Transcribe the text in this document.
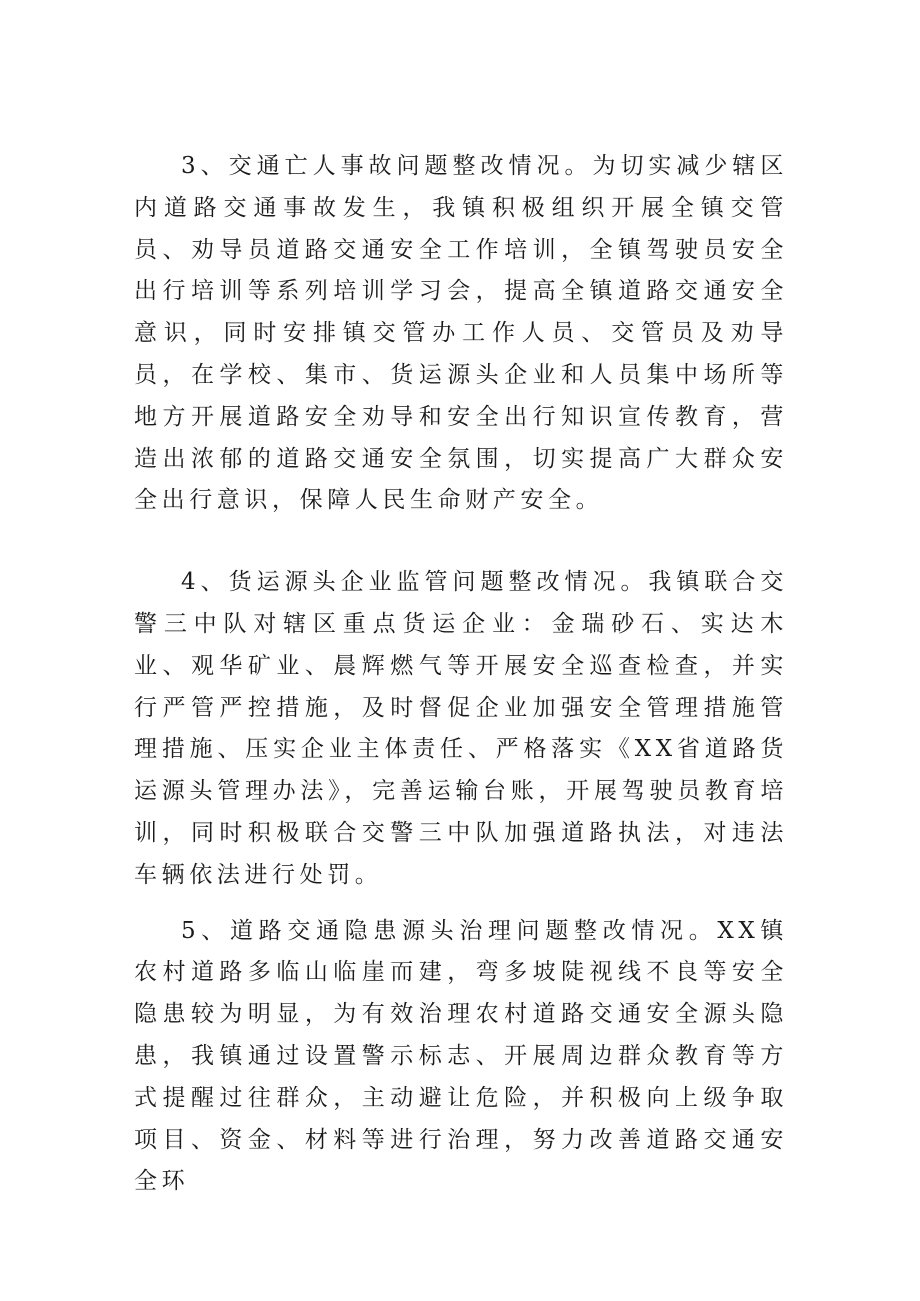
3、交通亡人事故问题整改情况。为切实减少辖区内道路交通事故发生，我镇积极组织开展全镇交管员、劝导员道路交通安全工作培训，全镇驾驶员安全出行培训等系列培训学习会，提高全镇道路交通安全意识，同时安排镇交管办工作人员、交管员及劝导员，在学校、集市、货运源头企业和人员集中场所等地方开展道路安全劝导和安全出行知识宣传教育，营造出浓郁的道路交通安全氛围，切实提高广大群众安全出行意识，保障人民生命财产安全。

4、货运源头企业监管问题整改情况。我镇联合交警三中队对辖区重点货运企业：金瑞砂石、实达木业、观华矿业、晨辉燃气等开展安全巡查检查，并实行严管严控措施，及时督促企业加强安全管理措施管理措施、压实企业主体责任、严格落实《XX省道路货运源头管理办法》，完善运输台账，开展驾驶员教育培训，同时积极联合交警三中队加强道路执法，对违法车辆依法进行处罚。

5、道路交通隐患源头治理问题整改情况。XX镇农村道路多临山临崖而建，弯多坡陡视线不良等安全隐患较为明显，为有效治理农村道路交通安全源头隐患，我镇通过设置警示标志、开展周边群众教育等方式提醒过往群众，主动避让危险，并积极向上级争取项目、资金、材料等进行治理，努力改善道路交通安全环
